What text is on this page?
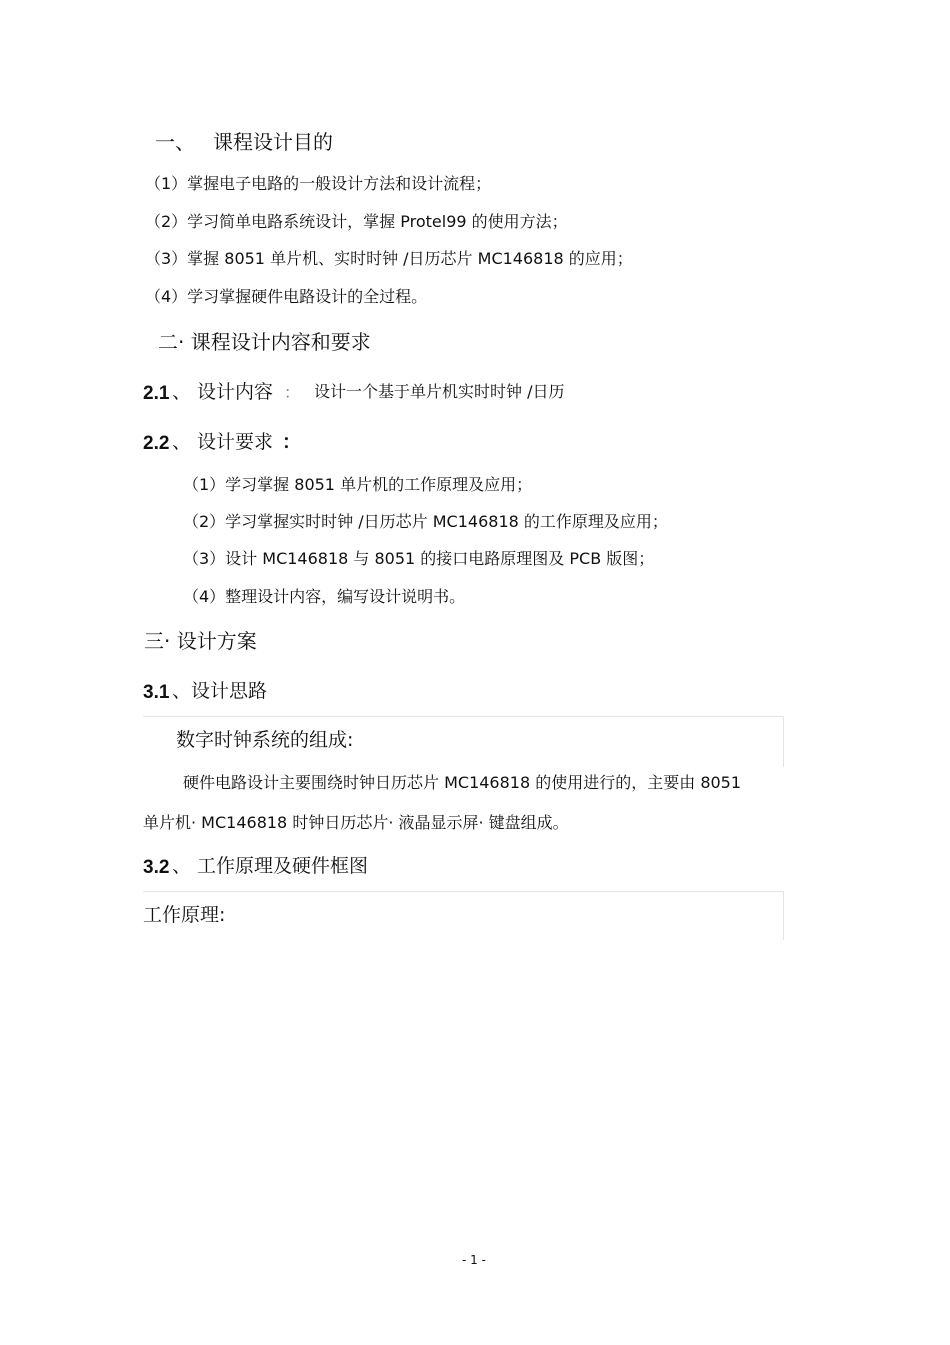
一、 课程设计目的
（1）掌握电子电路的一般设计方法和设计流程；
（2）学习简单电路系统设计，掌握 Protel99 的使用方法；
（3）掌握 8051 单片机、实时时钟 /日历芯片 MC146818 的应用；
（4）学习掌握硬件电路设计的全过程。
二· 课程设计内容和要求
2.1 、 设计内容 ： 设计一个基于单片机实时时钟 /日历
2.2 、 设计要求 ：
（1）学习掌握 8051 单片机的工作原理及应用；
（2）学习掌握实时时钟 /日历芯片 MC146818 的工作原理及应用；
（3）设计 MC146818 与 8051 的接口电路原理图及 PCB 版图；
（4）整理设计内容，编写设计说明书。
三· 设计方案
3.1 、设计思路
数字时钟系统的组成:
硬件电路设计主要围绕时钟日历芯片 MC146818 的使用进行的，主要由 8051
单片机· MC146818 时钟日历芯片· 液晶显示屏· 键盘组成。
3.2 、 工作原理及硬件框图
工作原理:
- 1 -
